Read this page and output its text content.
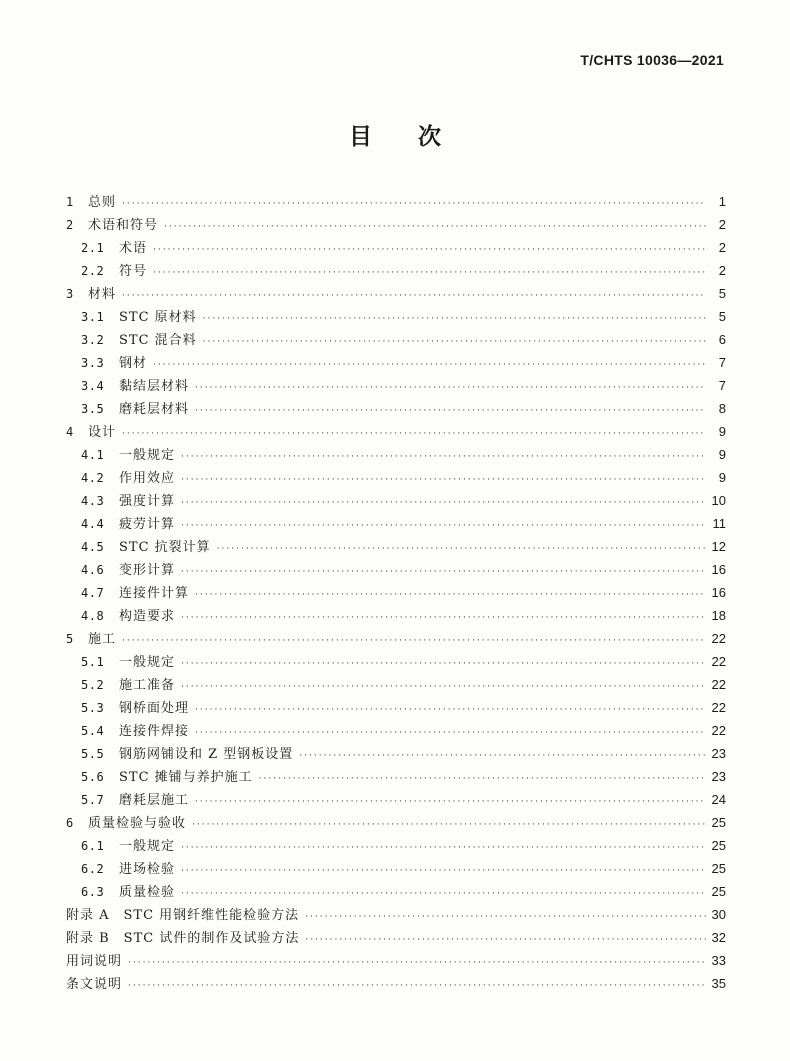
T/CHTS 10036—2021
目 次
1	总则 ·····	1
2	术语和符号 ·····	2
2.1	术语 ·····	2
2.2	符号 ·····	2
3	材料 ·····	5
3.1	STC 原材料 ·····	5
3.2	STC 混合料 ·····	6
3.3	钢材 ·····	7
3.4	黏结层材料 ·····	7
3.5	磨耗层材料 ·····	8
4	设计 ·····	9
4.1	一般规定 ·····	9
4.2	作用效应 ·····	9
4.3	强度计算 ·····	10
4.4	疲劳计算 ·····	11
4.5	STC 抗裂计算 ·····	12
4.6	变形计算 ·····	16
4.7	连接件计算 ·····	16
4.8	构造要求 ·····	18
5	施工 ·····	22
5.1	一般规定 ·····	22
5.2	施工准备 ·····	22
5.3	钢桥面处理 ·····	22
5.4	连接件焊接 ·····	22
5.5	钢筋网铺设和 Z 型钢板设置 ·····	23
5.6	STC 摊铺与养护施工 ·····	23
5.7	磨耗层施工 ·····	24
6	质量检验与验收 ·····	25
6.1	一般规定 ·····	25
6.2	进场检验 ·····	25
6.3	质量检验 ·····	25
附录 A　STC 用钢纤维性能检验方法 ·····	30
附录 B　STC 试件的制作及试验方法 ·····	32
用词说明 ·····	33
条文说明 ·····	35
